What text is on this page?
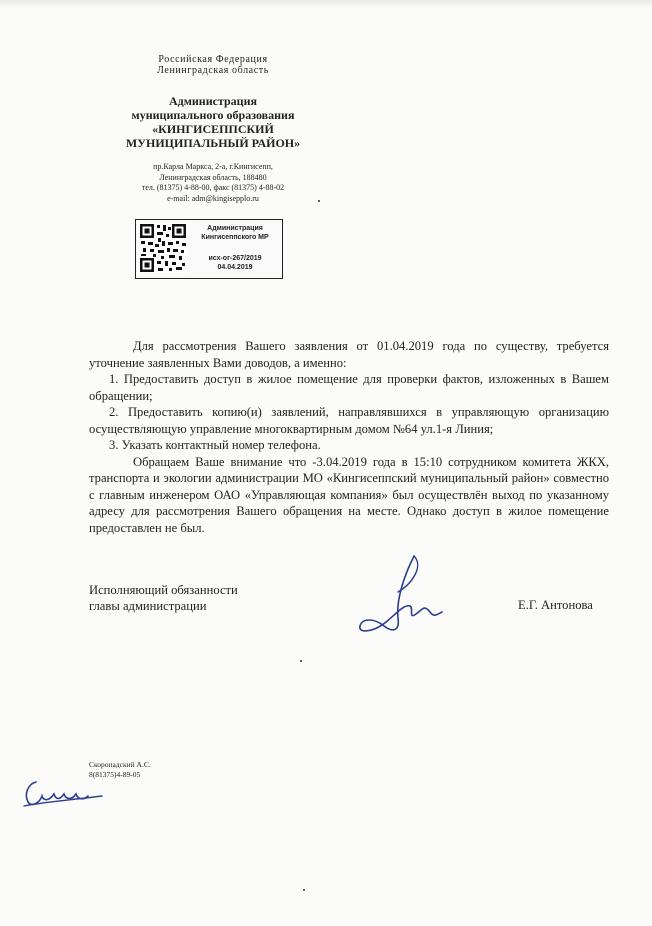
Российская Федерация
Ленинградская область
Администрация
муниципального образования
«КИНГИСЕППСКИЙ
МУНИЦИПАЛЬНЫЙ РАЙОН»
пр.Карла Маркса, 2-а, г.Кингисепп,
Ленинградская область, 188480
тел. (81375) 4-88-00, факс (81375) 4-88-02
e-mail: adm@kingisepplo.ru
Администрация
Кингисеппского МР
исх-ог-267/2019
04.04.2019

Для рассмотрения Вашего заявления от 01.04.2019 года по существу, требуется уточнение заявленных Вами доводов, а именно:

1. Предоставить доступ в жилое помещение для проверки фактов, изложенных в Вашем обращении;

2. Предоставить копию(и) заявлений, направлявшихся в управляющую организацию осуществляющую управление многоквартирным домом №64 ул.1-я Линия;

3. Указать контактный номер телефона.

Обращаем Ваше внимание что -3.04.2019 года в 15:10 сотрудником комитета ЖКХ, транспорта и экологии администрации МО «Кингисеппский муниципальный район» совместно с главным инженером ОАО «Управляющая компания» был осуществлён выход по указанному адресу для рассмотрения Вашего обращения на месте. Однако доступ в жилое помещение предоставлен не был.

Исполняющий обязанности
главы администрации	Е.Г. Антонова
Скоропадский А.С.
8(81375)4-89-05
